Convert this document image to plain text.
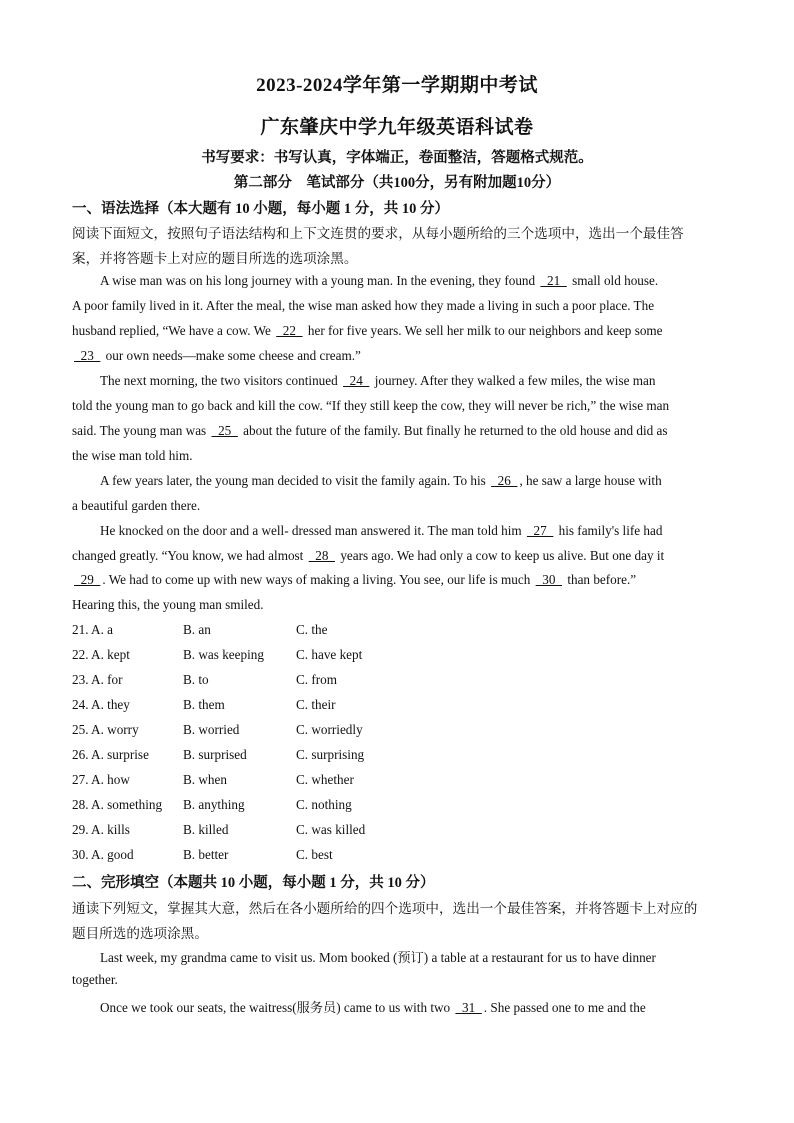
2023-2024学年第一学期期中考试
广东肇庆中学九年级英语科试卷
书写要求：书写认真，字体端正，卷面整洁，答题格式规范。
第二部分    笔试部分（共100分，另有附加题10分）
一、语法选择（本大题有 10 小题，每小题 1 分，共 10 分）
阅读下面短文，按照句子语法结构和上下文连贯的要求，从每小题所给的三个选项中，选出一个最佳答
案，并将答题卡上对应的题目所选的选项涂黑。
A wise man was on his long journey with a young man. In the evening, they found   21   small old house.
A poor family lived in it. After the meal, the wise man asked how they made a living in such a poor place. The
husband replied, “We have a cow. We   22   her for five years. We sell her milk to our neighbors and keep some
23   our own needs—make some cheese and cream.”
The next morning, the two visitors continued   24   journey. After they walked a few miles, the wise man
told the young man to go back and kill the cow. “If they still keep the cow, they will never be rich,” the wise man
said. The young man was   25   about the future of the family. But finally he returned to the old house and did as
the wise man told him.
A few years later, the young man decided to visit the family again. To his   26  , he saw a large house with
a beautiful garden there.
He knocked on the door and a well- dressed man answered it. The man told him   27   his family's life had
changed greatly. “You know, we had almost   28   years ago. We had only a cow to keep us alive. But one day it
29  . We had to come up with new ways of making a living. You see, our life is much   30   than before.”
Hearing this, the young man smiled.
21. A. a	B. an	C. the
22. A. kept	B. was keeping C. have kept
23. A. for	B. to	C. from
24. A. they	B. them	C. their
25. A. worry	B. worried	C. worriedly
26. A. surprise	B. surprised	C. surprising
27. A. how	B. when	C. whether
28. A. something B. anything	C. nothing
29. A. kills	B. killed	C. was killed
30. A. good	B. better	C. best
二、完形填空（本题共 10 小题，每小题 1 分，共 10 分）
通读下列短文，掌握其大意，然后在各小题所给的四个选项中，选出一个最佳答案，并将答题卡上对应的
题目所选的选项涂黑。
Last week, my grandma came to visit us. Mom booked (预订) a table at a restaurant for us to have dinner
together.
Once we took our seats, the waitress(服务员) came to us with two   31  . She passed one to me and the
